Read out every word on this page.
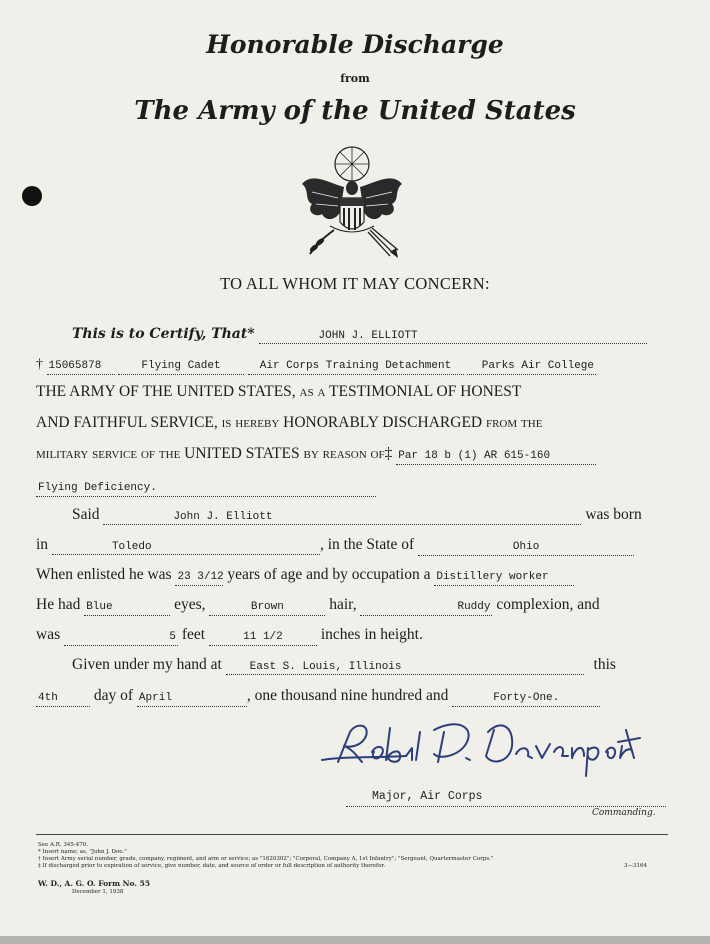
Honorable Discharge
from
The Army of the United States
TO ALL WHOM IT MAY CONCERN:
This is to Certify, That*	JOHN J. ELLIOTT
† 15065878	Flying Cadet	Air Corps Training Detachment	Parks Air College
THE ARMY OF THE UNITED STATES, as a TESTIMONIAL OF HONEST
AND FAITHFUL SERVICE, is hereby HONORABLY DISCHARGED from the
military service of the UNITED STATES by reason of‡ Par 18 b (1) AR 615-160
Flying Deficiency.
Said	John J. Elliott	was born
in	Toledo	, in the State of	Ohio
When enlisted he was 23 3/12 years of age and by occupation a Distillery worker
He had Blue	eyes,	Brown	hair,	Ruddy complexion, and
was	5 feet	11 1/2 inches in height.
Given under my hand at	East S. Louis, Illinois	this
4th day of April	, one thousand nine hundred and	Forty-One.
Major, Air Corps
Commanding.
See A.R. 345-470.
* Insert name; as, "John J. Doe."
† Insert Army serial number, grade, company, regiment, and arm or service; as "1620302"; "Corporal, Company A, 1st Infantry"; "Sergeant, Quartermaster Corps."
‡ If discharged prior to expiration of service, give number, date, and source of order or full description of authority therefor.	3—3164
W. D., A. G. O. Form No. 55
December 1, 1938
